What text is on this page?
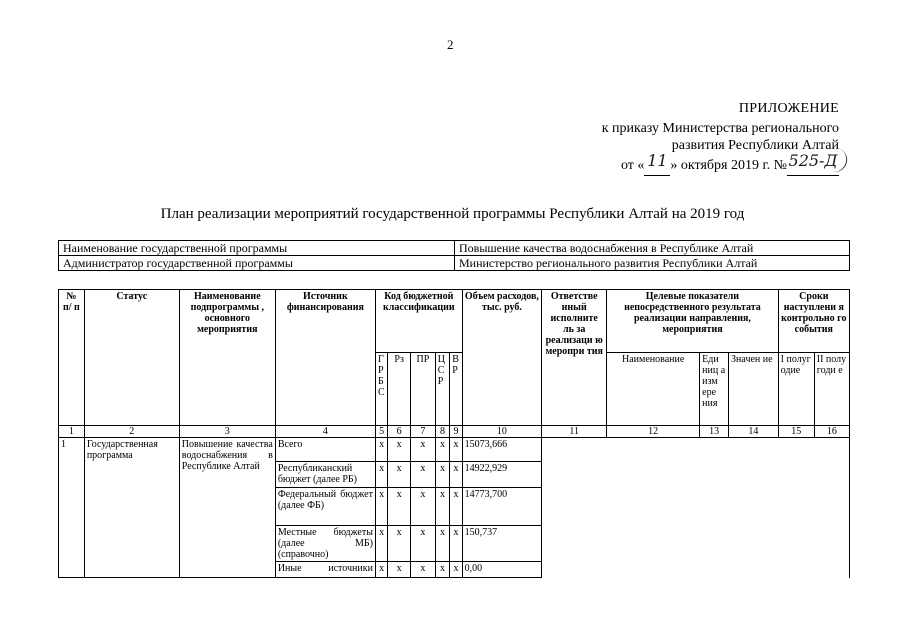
2
ПРИЛОЖЕНИЕ
к приказу Министерства регионального
развития Республики Алтай
от « 11 » октября 2019 г. №525-Д
План реализации мероприятий государственной программы Республики Алтай на 2019 год
Наименование государственной программы	Повышение качества водоснабжения в Республике Алтай
Администратор государственной программы	Министерство регионального развития Республики Алтай
№ п/ п	Статус	Наименование подпрограммы , основного мероприятия	Источник финансирования	Код бюджетной классификации					Объем расходов, тыс. руб.	Ответстве нный исполните ль за реализаци ю меропри тия	Целевые показатели непосредственного результата реализации направления, мероприятия			Сроки наступлени я контрольно го события	
				Г Р Б С	Рз	ПР	Ц С Р	В Р			Наименование	Еди ниц а изм ере ния	Значен ие	I полуг одие	II полу годи е
1	2	3	4	5	6	7	8	9	10	11	12	13	14	15	16
1	Государственная программа	Повышение качества водоснабжения в Республике Алтай	Всего	x	x	x	x	x	15073,666						
			Республиканский бюджет (далее РБ)	x	x	x	x	x	14922,929						
			Федеральный бюджет (далее ФБ)	x	x	x	x	x	14773,700						
			Местные бюджеты (далее МБ)(справочно)	x	x	x	x	x	150,737						
			Иные источники	x	x	x	x	x	0,00						
